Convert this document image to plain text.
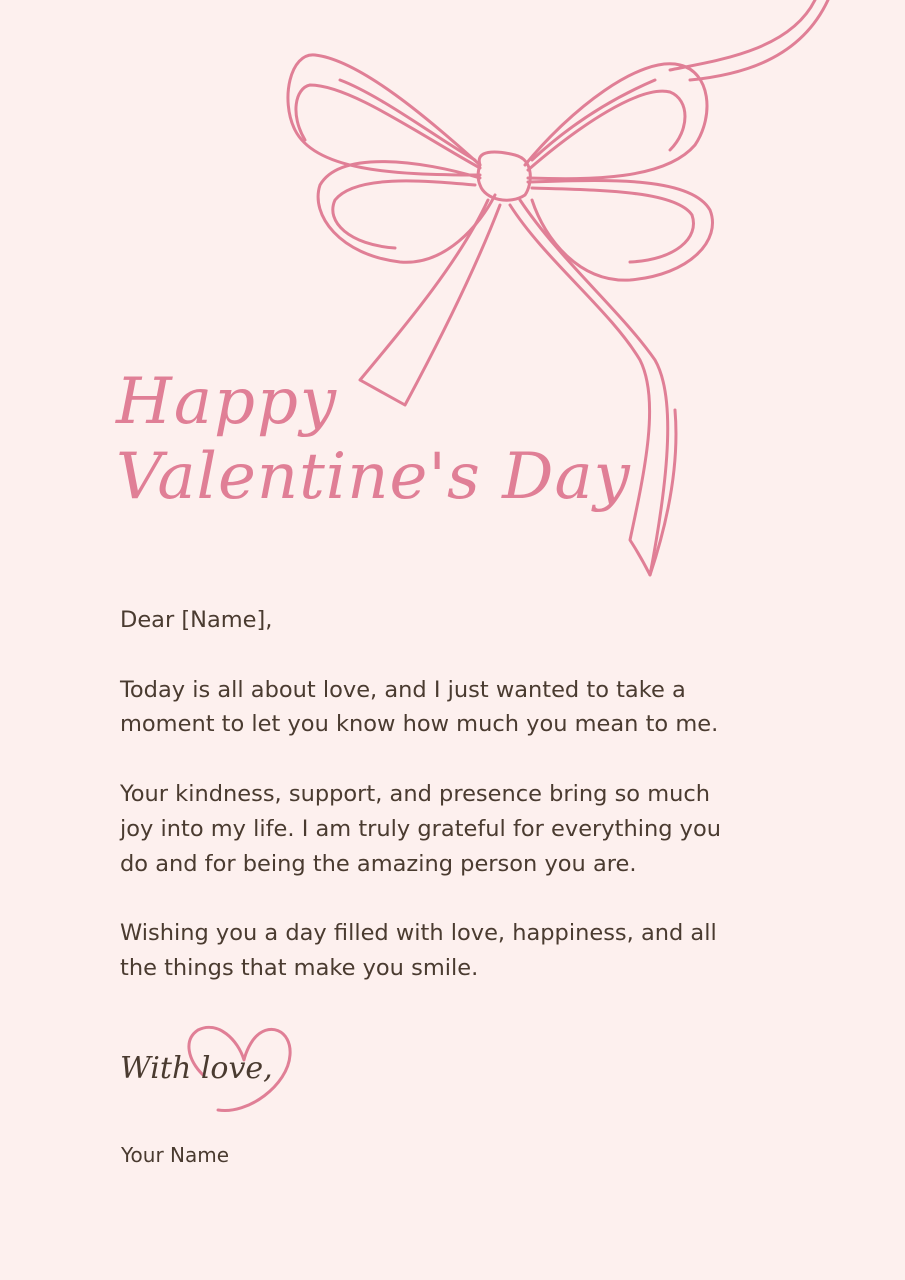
Happy
Valentine's Day

Dear [Name],

Today is all about love, and I just wanted to take a moment to let you know how much you mean to me.

Your kindness, support, and presence bring so much joy into my life. I am truly grateful for everything you do and for being the amazing person you are.

Wishing you a day filled with love, happiness, and all the things that make you smile.

With love,
Your Name
